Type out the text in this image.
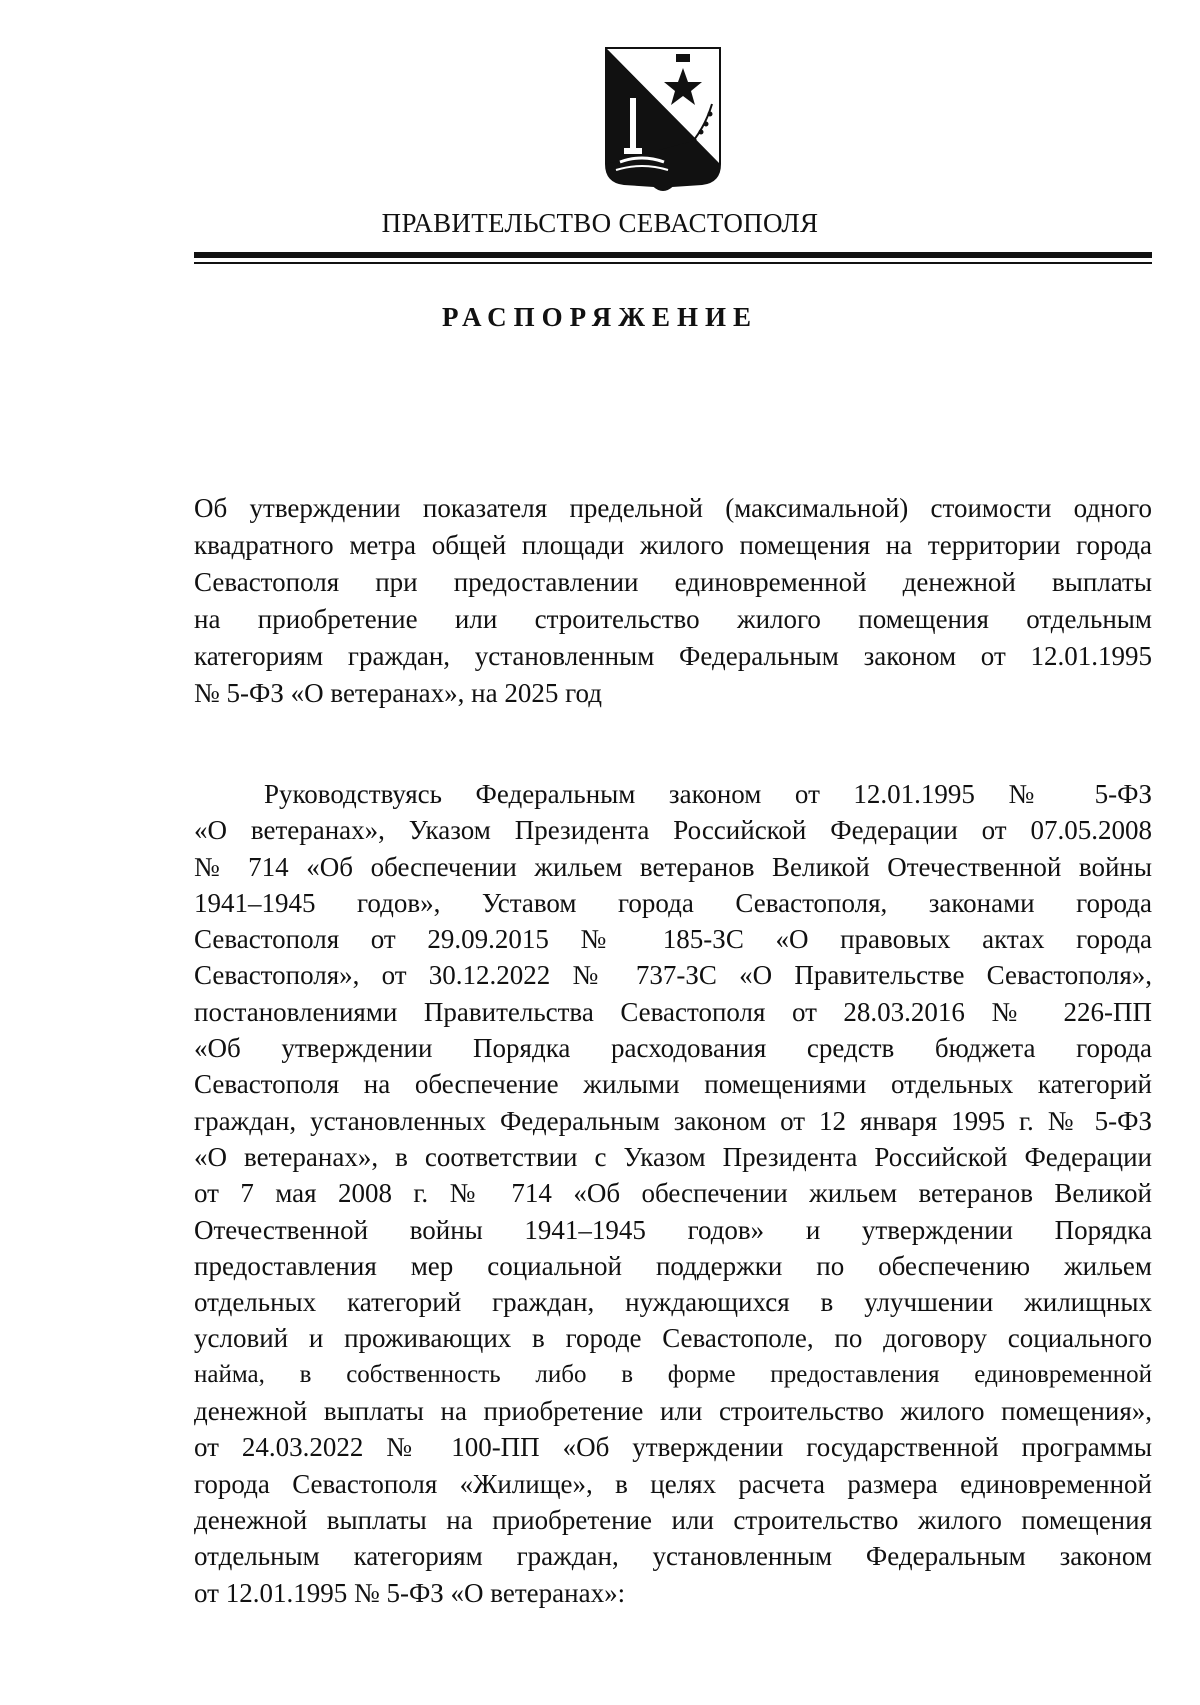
ПРАВИТЕЛЬСТВО СЕВАСТОПОЛЯ
РАСПОРЯЖЕНИЕ
Об утверждении показателя предельной (максимальной) стоимости одного
квадратного метра общей площади жилого помещения на территории города
Севастополя при предоставлении единовременной денежной выплаты
на приобретение или строительство жилого помещения отдельным
категориям граждан, установленным Федеральным законом от 12.01.1995
№ 5-ФЗ «О ветеранах», на 2025 год
Руководствуясь Федеральным законом от 12.01.1995 № 5-ФЗ
«О ветеранах», Указом Президента Российской Федерации от 07.05.2008
№ 714 «Об обеспечении жильем ветеранов Великой Отечественной войны
1941–1945 годов», Уставом города Севастополя, законами города
Севастополя от 29.09.2015 № 185-ЗС «О правовых актах города
Севастополя», от 30.12.2022 № 737-ЗС «О Правительстве Севастополя»,
постановлениями Правительства Севастополя от 28.03.2016 № 226-ПП
«Об утверждении Порядка расходования средств бюджета города
Севастополя на обеспечение жилыми помещениями отдельных категорий
граждан, установленных Федеральным законом от 12 января 1995 г. № 5-ФЗ
«О ветеранах», в соответствии с Указом Президента Российской Федерации
от 7 мая 2008 г. № 714 «Об обеспечении жильем ветеранов Великой
Отечественной войны 1941–1945 годов» и утверждении Порядка
предоставления мер социальной поддержки по обеспечению жильем
отдельных категорий граждан, нуждающихся в улучшении жилищных
условий и проживающих в городе Севастополе, по договору социального
найма, в собственность либо в форме предоставления единовременной
денежной выплаты на приобретение или строительство жилого помещения»,
от 24.03.2022 № 100-ПП «Об утверждении государственной программы
города Севастополя «Жилище», в целях расчета размера единовременной
денежной выплаты на приобретение или строительство жилого помещения
отдельным категориям граждан, установленным Федеральным законом
от 12.01.1995 № 5-ФЗ «О ветеранах»:
